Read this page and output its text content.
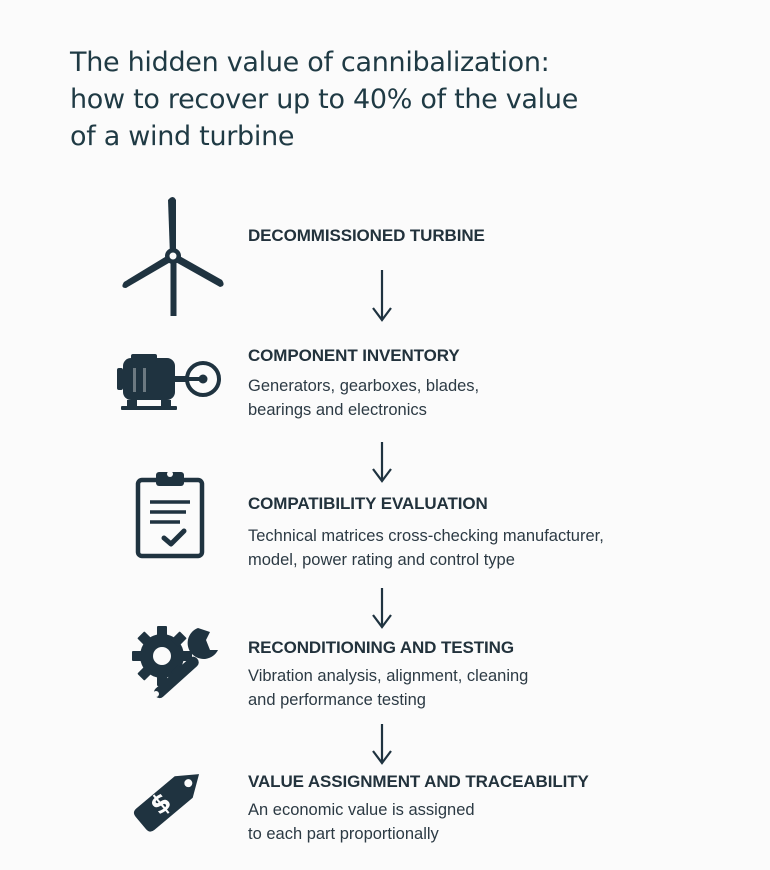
The hidden value of cannibalization:
how to recover up to 40% of the value
of a wind turbine
DECOMMISSIONED TURBINE
COMPONENT INVENTORY

Generators, gearboxes, blades,
bearings and electronics

COMPATIBILITY EVALUATION

Technical matrices cross-checking manufacturer,
model, power rating and control type

RECONDITIONING AND TESTING

Vibration analysis, alignment, cleaning
and performance testing

$
VALUE ASSIGNMENT AND TRACEABILITY

An economic value is assigned
to each part proportionally
